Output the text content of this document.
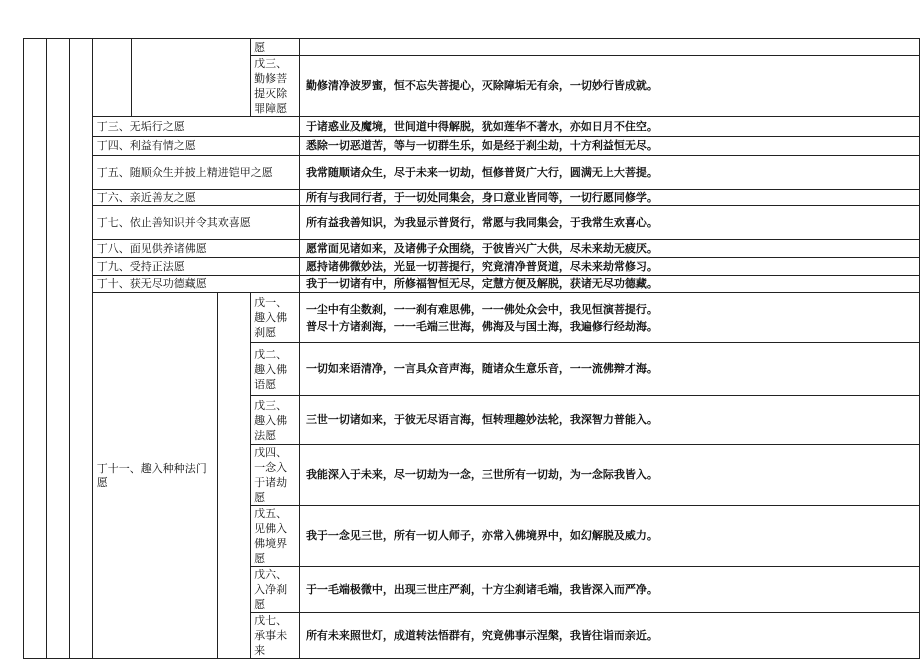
						愿	
						戊三、勤修菩提灭除罪障愿	勤修清净波罗蜜，恒不忘失菩提心，灭除障垢无有余，一切妙行皆成就。
			丁三、无垢行之愿				于诸惑业及魔境，世间道中得解脱，犹如莲华不著水，亦如日月不住空。
			丁四、利益有情之愿				悉除一切恶道苦，等与一切群生乐，如是经于刹尘劫，十方利益恒无尽。
			丁五、随顺众生并披上精进铠甲之愿				我常随顺诸众生，尽于未来一切劫，恒修普贤广大行，圆满无上大菩提。
			丁六、亲近善友之愿				所有与我同行者，于一切处同集会，身口意业皆同等，一切行愿同修学。
			丁七、依止善知识并令其欢喜愿				所有益我善知识，为我显示普贤行，常愿与我同集会，于我常生欢喜心。
			丁八、面见供养诸佛愿				愿常面见诸如来，及诸佛子众围绕，于彼皆兴广大供，尽未来劫无疲厌。
			丁九、受持正法愿				愿持诸佛微妙法，光显一切菩提行，究竟清净普贤道，尽未来劫常修习。
			丁十、获无尽功德藏愿				我于一切诸有中，所修福智恒无尽，定慧方便及解脱，获诸无尽功德藏。
			丁十一、趣入种种法门愿			戊一、趣入佛刹愿	一尘中有尘数刹，一一刹有难思佛，一一佛处众会中，我见恒演菩提行。
普尽十方诸刹海，一一毛端三世海，佛海及与国土海，我遍修行经劫海。

						戊二、趣入佛语愿	一切如来语清净，一言具众音声海，随诸众生意乐音，一一流佛辩才海。
						戊三、趣入佛法愿	三世一切诸如来，于彼无尽语言海，恒转理趣妙法轮，我深智力普能入。
						戊四、一念入于诸劫愿	我能深入于未来，尽一切劫为一念，三世所有一切劫，为一念际我皆入。
						戊五、见佛入佛境界愿	我于一念见三世，所有一切人师子，亦常入佛境界中，如幻解脱及威力。
						戊六、入净刹愿	于一毛端极微中，出现三世庄严刹，十方尘刹诸毛端，我皆深入而严净。
						戊七、承事未来	所有未来照世灯，成道转法悟群有，究竟佛事示涅槃，我皆往诣而亲近。
